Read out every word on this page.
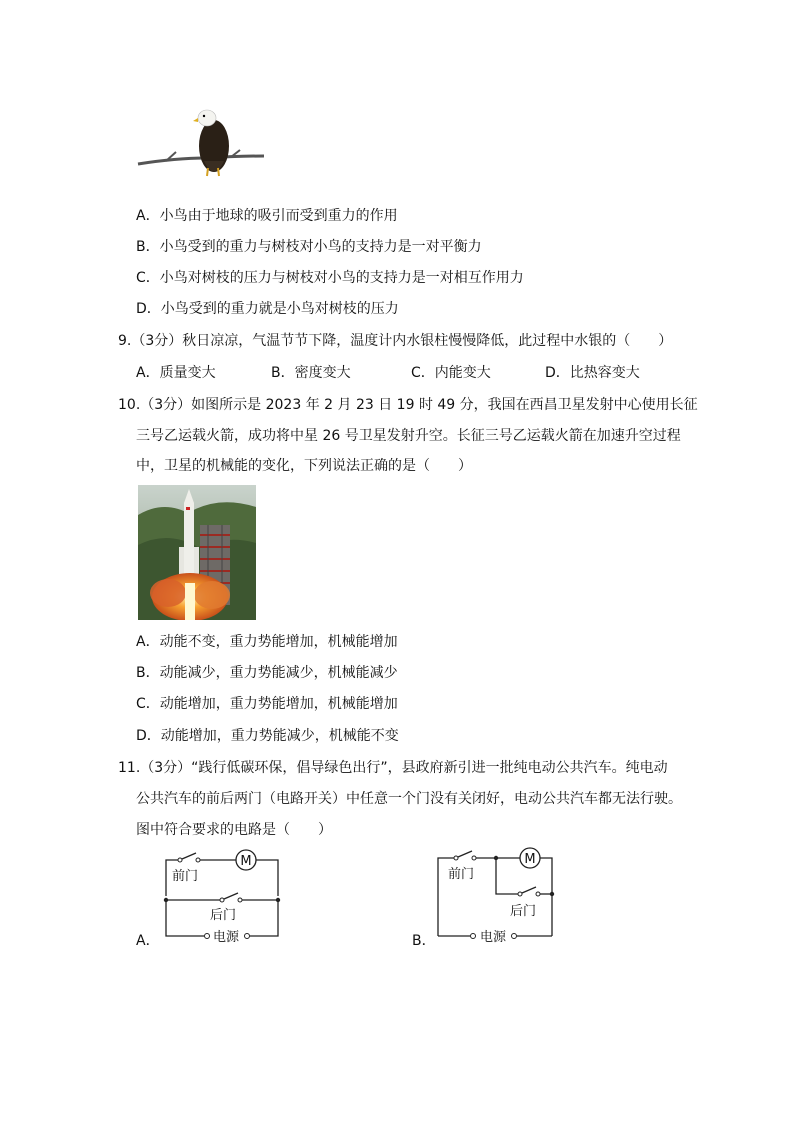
A．小鸟由于地球的吸引而受到重力的作用
B．小鸟受到的重力与树枝对小鸟的支持力是一对平衡力
C．小鸟对树枝的压力与树枝对小鸟的支持力是一对相互作用力
D．小鸟受到的重力就是小鸟对树枝的压力
9.（3分）秋日凉凉，气温节节下降，温度计内水银柱慢慢降低，此过程中水银的（　　）
A．质量变大	B．密度变大	C．内能变大	D．比热容变大
10.（3分）如图所示是 2023 年 2 月 23 日 19 时 49 分，我国在西昌卫星发射中心使用长征
三号乙运载火箭，成功将中星 26 号卫星发射升空。长征三号乙运载火箭在加速升空过程
中，卫星的机械能的变化，下列说法正确的是（　　）
A．动能不变，重力势能增加，机械能增加
B．动能减少，重力势能减少，机械能减少
C．动能增加，重力势能增加，机械能增加
D．动能增加，重力势能减少，机械能不变
11.（3分）“践行低碳环保，倡导绿色出行”，县政府新引进一批纯电动公共汽车。纯电动
公共汽车的前后两门（电路开关）中任意一个门没有关闭好，电动公共汽车都无法行驶。
图中符合要求的电路是（　　）
A．
M
前门
后门
电源	B．
前门
M
后门
电源
